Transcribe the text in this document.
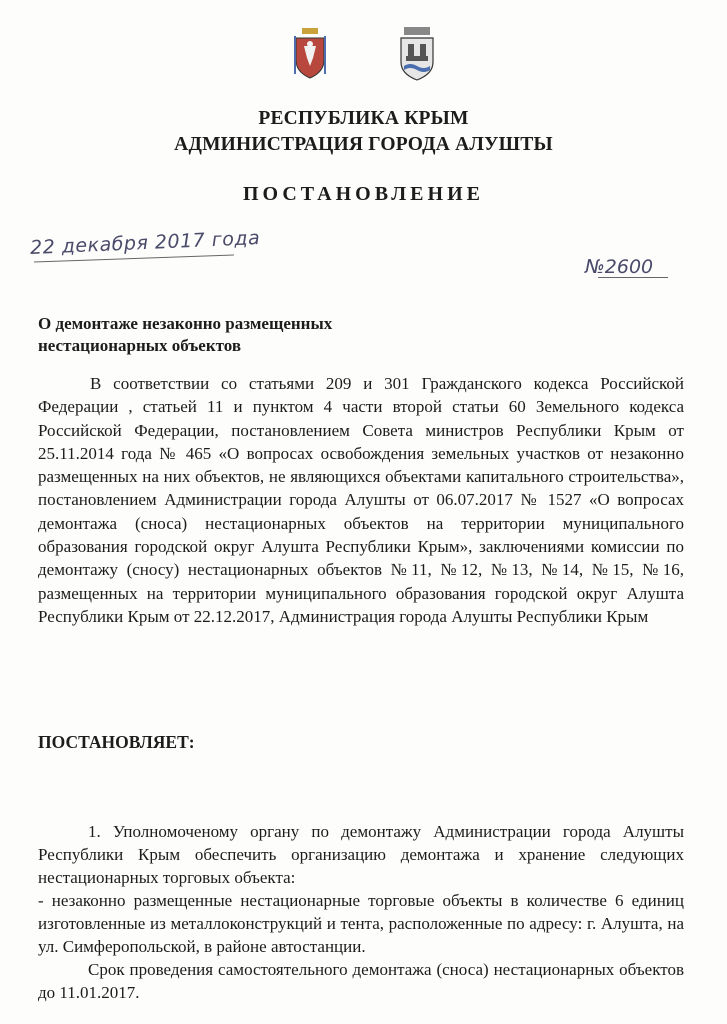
РЕСПУБЛИКА КРЫМ
АДМИНИСТРАЦИЯ ГОРОДА АЛУШТЫ
ПОСТАНОВЛЕНИЕ
22 декабря 2017 года
№2600
О демонтаже незаконно размещенных
нестационарных объектов
В соответствии со статьями 209 и 301 Гражданского кодекса Российской Федерации , статьей 11 и пунктом 4 части второй статьи 60 Земельного кодекса Российской Федерации, постановлением Совета министров Республики Крым от 25.11.2014 года № 465 «О вопросах освобождения земельных участков от незаконно размещенных на них объектов, не являющихся объектами капитального строительства», постановлением Администрации города Алушты от 06.07.2017 № 1527 «О вопросах демонтажа (сноса) нестационарных объектов на территории муниципального образования городской округ Алушта Республики Крым», заключениями комиссии по демонтажу (сносу) нестационарных объектов №11, №12, №13, №14, №15, №16, размещенных на территории муниципального образования городской округ Алушта Республики Крым от 22.12.2017, Администрация города Алушты Республики Крым
ПОСТАНОВЛЯЕТ:

1. Уполномоченому органу по демонтажу Администрации города Алушты Республики Крым обеспечить организацию демонтажа и хранение следующих нестационарных торговых объекта:

- незаконно размещенные нестационарные торговые объекты в количестве 6 единиц изготовленные из металлоконструкций и тента, расположенные по адресу: г. Алушта, на ул. Симферопольской, в районе автостанции.

Срок проведения самостоятельного демонтажа (сноса) нестационарных объектов до 11.01.2017.
